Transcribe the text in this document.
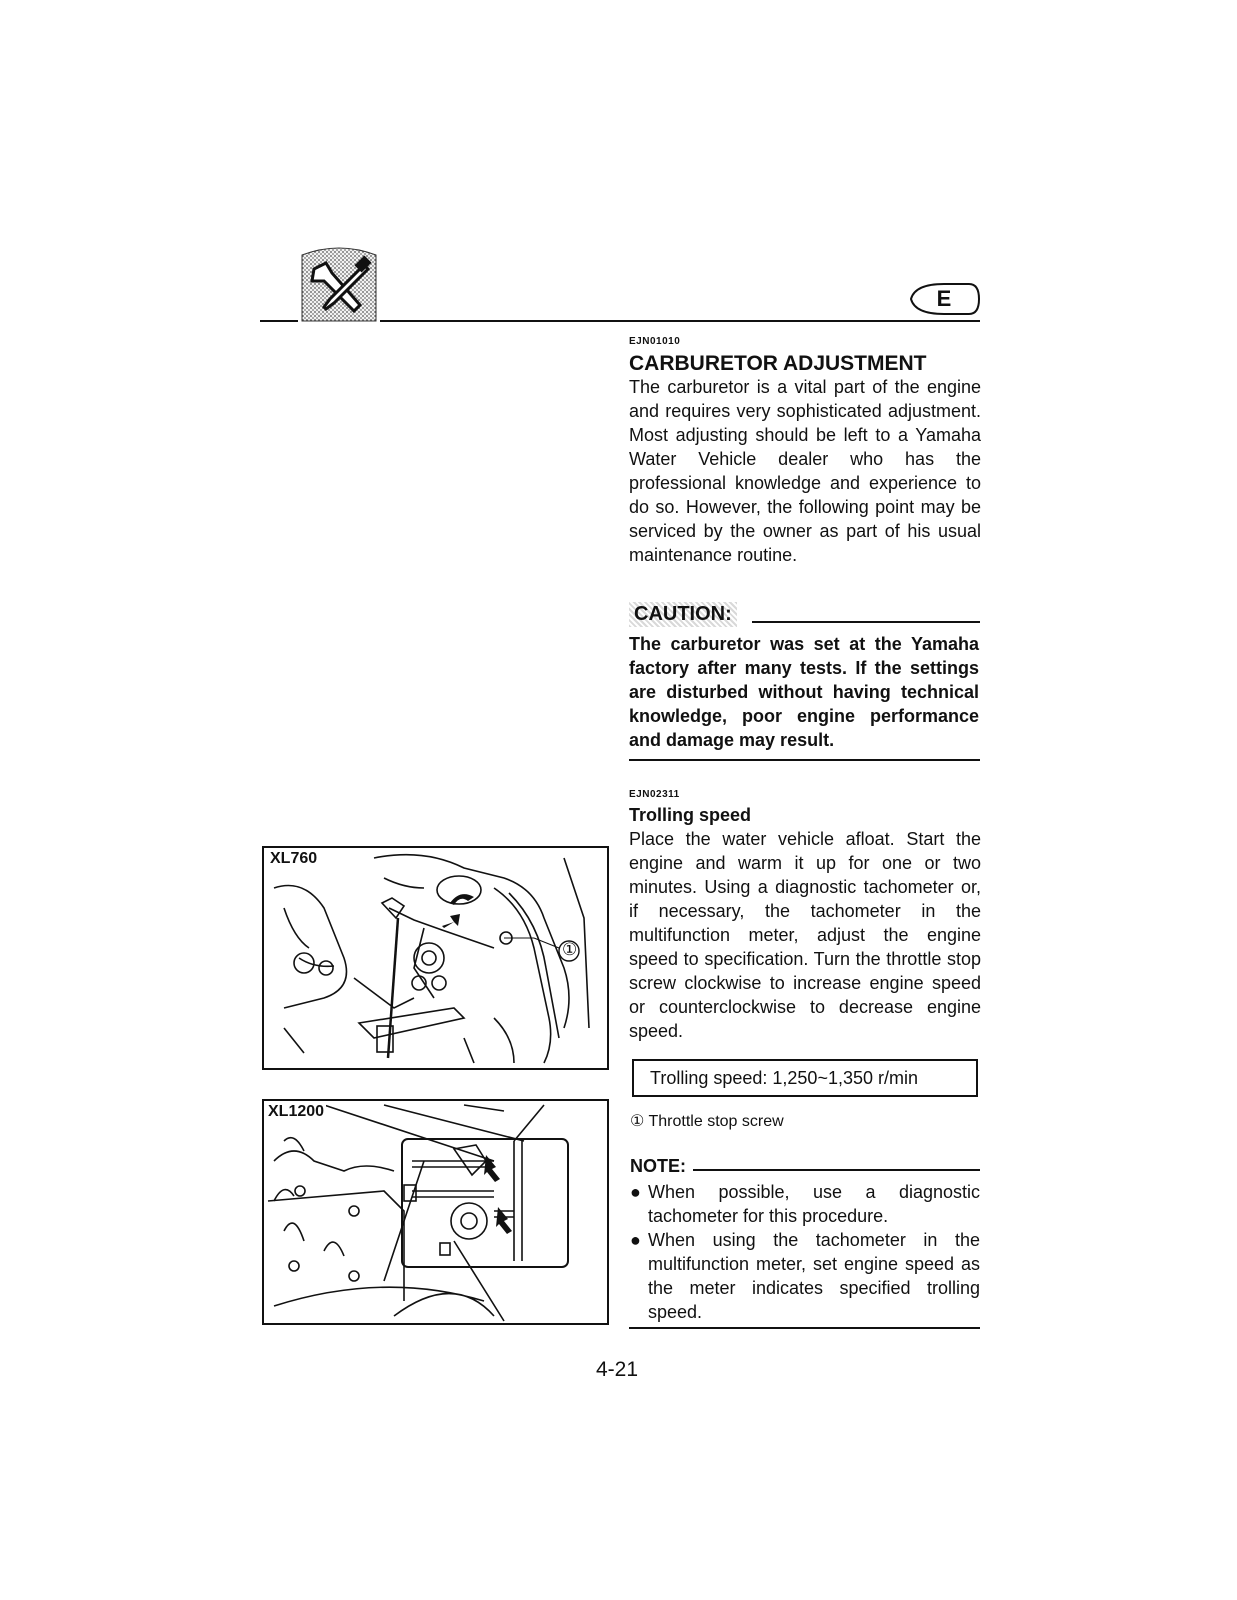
E
EJN01010
CARBURETOR ADJUSTMENT
The carburetor is a vital part of the engine and requires very sophisticated adjustment. Most adjusting should be left to a Yamaha Water Vehicle dealer who has the professional knowledge and experience to do so. However, the following point may be serviced by the owner as part of his usual maintenance routine.
CAUTION:
The carburetor was set at the Yamaha factory after many tests. If the settings are disturbed without having technical knowledge, poor engine performance and damage may result.
EJN02311
Trolling speed
Place the water vehicle afloat. Start the engine and warm it up for one or two minutes. Using a diagnostic tachometer or, if necessary, the tachometer in the multifunction meter, adjust the engine speed to specification. Turn the throttle stop screw clockwise to increase engine speed or counterclockwise to decrease engine speed.
Trolling speed: 1,250~1,350 r/min
① Throttle stop screw
NOTE:
● When possible, use a diagnostic tachometer for this procedure.
● When using the tachometer in the multifunction meter, set engine speed as the meter indicates specified trolling speed.
XL760
①
XL1200
4-21
